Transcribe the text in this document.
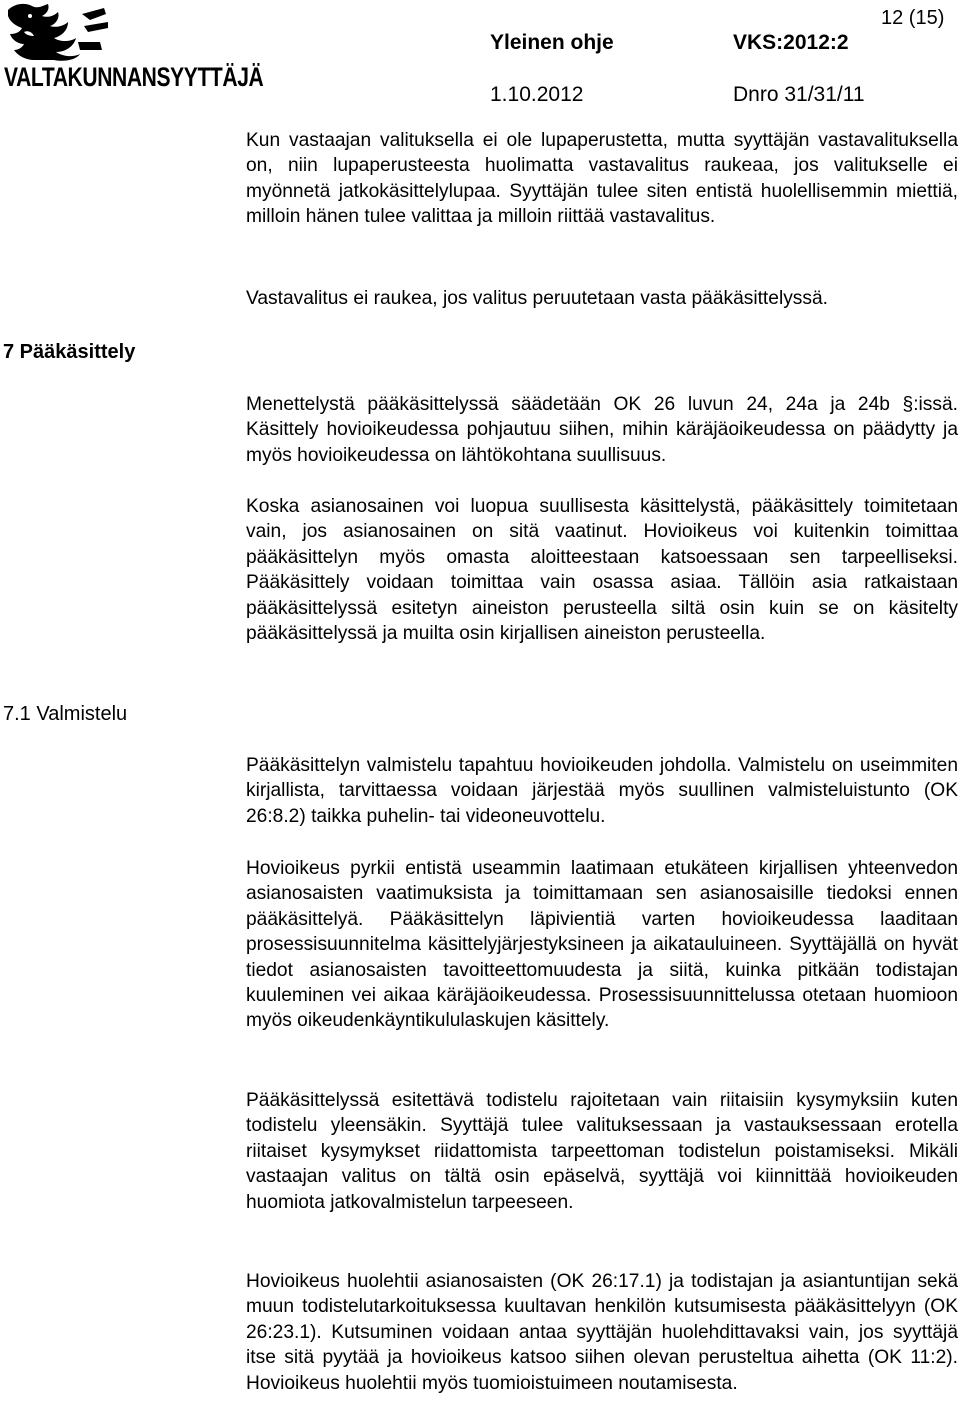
VALTAKUNNANSYYTTÄJÄ
12 (15)
Yleinen ohje	VKS:2012:2
1.10.2012	Dnro 31/31/11

Kun vastaajan valituksella ei ole lupaperustetta, mutta syyttäjän vastavalituksella on, niin lupaperusteesta huolimatta vastavalitus raukeaa, jos valitukselle ei myönnetä jatkokäsittelylupaa. Syyttäjän tulee siten entistä huolellisemmin miettiä, milloin hänen tulee valittaa ja milloin riittää vastavalitus.

Vastavalitus ei raukea, jos valitus peruutetaan vasta pääkäsittelyssä.

7 Pääkäsittely

Menettelystä pääkäsittelyssä säädetään OK 26 luvun 24, 24a ja 24b §:issä. Käsittely hovioikeudessa pohjautuu siihen, mihin käräjäoikeudessa on päädytty ja myös hovioikeudessa on lähtökohtana suullisuus.

Koska asianosainen voi luopua suullisesta käsittelystä, pääkäsittely toimitetaan vain, jos asianosainen on sitä vaatinut. Hovioikeus voi kuitenkin toimittaa pääkäsittelyn myös omasta aloitteestaan katsoessaan sen tarpeelliseksi. Pääkäsittely voidaan toimittaa vain osassa asiaa. Tällöin asia ratkaistaan pääkäsittelyssä esitetyn aineiston perusteella siltä osin kuin se on käsitelty pääkäsittelyssä ja muilta osin kirjallisen aineiston perusteella.

7.1 Valmistelu

Pääkäsittelyn valmistelu tapahtuu hovioikeuden johdolla. Valmistelu on useimmiten kirjallista, tarvittaessa voidaan järjestää myös suullinen valmisteluistunto (OK 26:8.2) taikka puhelin- tai videoneuvottelu.

Hovioikeus pyrkii entistä useammin laatimaan etukäteen kirjallisen yhteenvedon asianosaisten vaatimuksista ja toimittamaan sen asianosaisille tiedoksi ennen pääkäsittelyä. Pääkäsittelyn läpivientiä varten hovioikeudessa laaditaan prosessisuunnitelma käsittelyjärjestyksineen ja aikatauluineen. Syyttäjällä on hyvät tiedot asianosaisten tavoitteettomuudesta ja siitä, kuinka pitkään todistajan kuuleminen vei aikaa käräjäoikeudessa. Prosessisuunnittelussa otetaan huomioon myös oikeudenkäyntikululaskujen käsittely.

Pääkäsittelyssä esitettävä todistelu rajoitetaan vain riitaisiin kysymyksiin kuten todistelu yleensäkin. Syyttäjä tulee valituksessaan ja vastauksessaan erotella riitaiset kysymykset riidattomista tarpeettoman todistelun poistamiseksi. Mikäli vastaajan valitus on tältä osin epäselvä, syyttäjä voi kiinnittää hovioikeuden huomiota jatkovalmistelun tarpeeseen.

Hovioikeus huolehtii asianosaisten (OK 26:17.1) ja todistajan ja asiantuntijan sekä muun todistelutarkoituksessa kuultavan henkilön kutsumisesta pääkäsittelyyn (OK 26:23.1). Kutsuminen voidaan antaa syyttäjän huolehdittavaksi vain, jos syyttäjä itse sitä pyytää ja hovioikeus katsoo siihen olevan perusteltua aihetta (OK 11:2). Hovioikeus huolehtii myös tuomioistuimeen noutamisesta.
